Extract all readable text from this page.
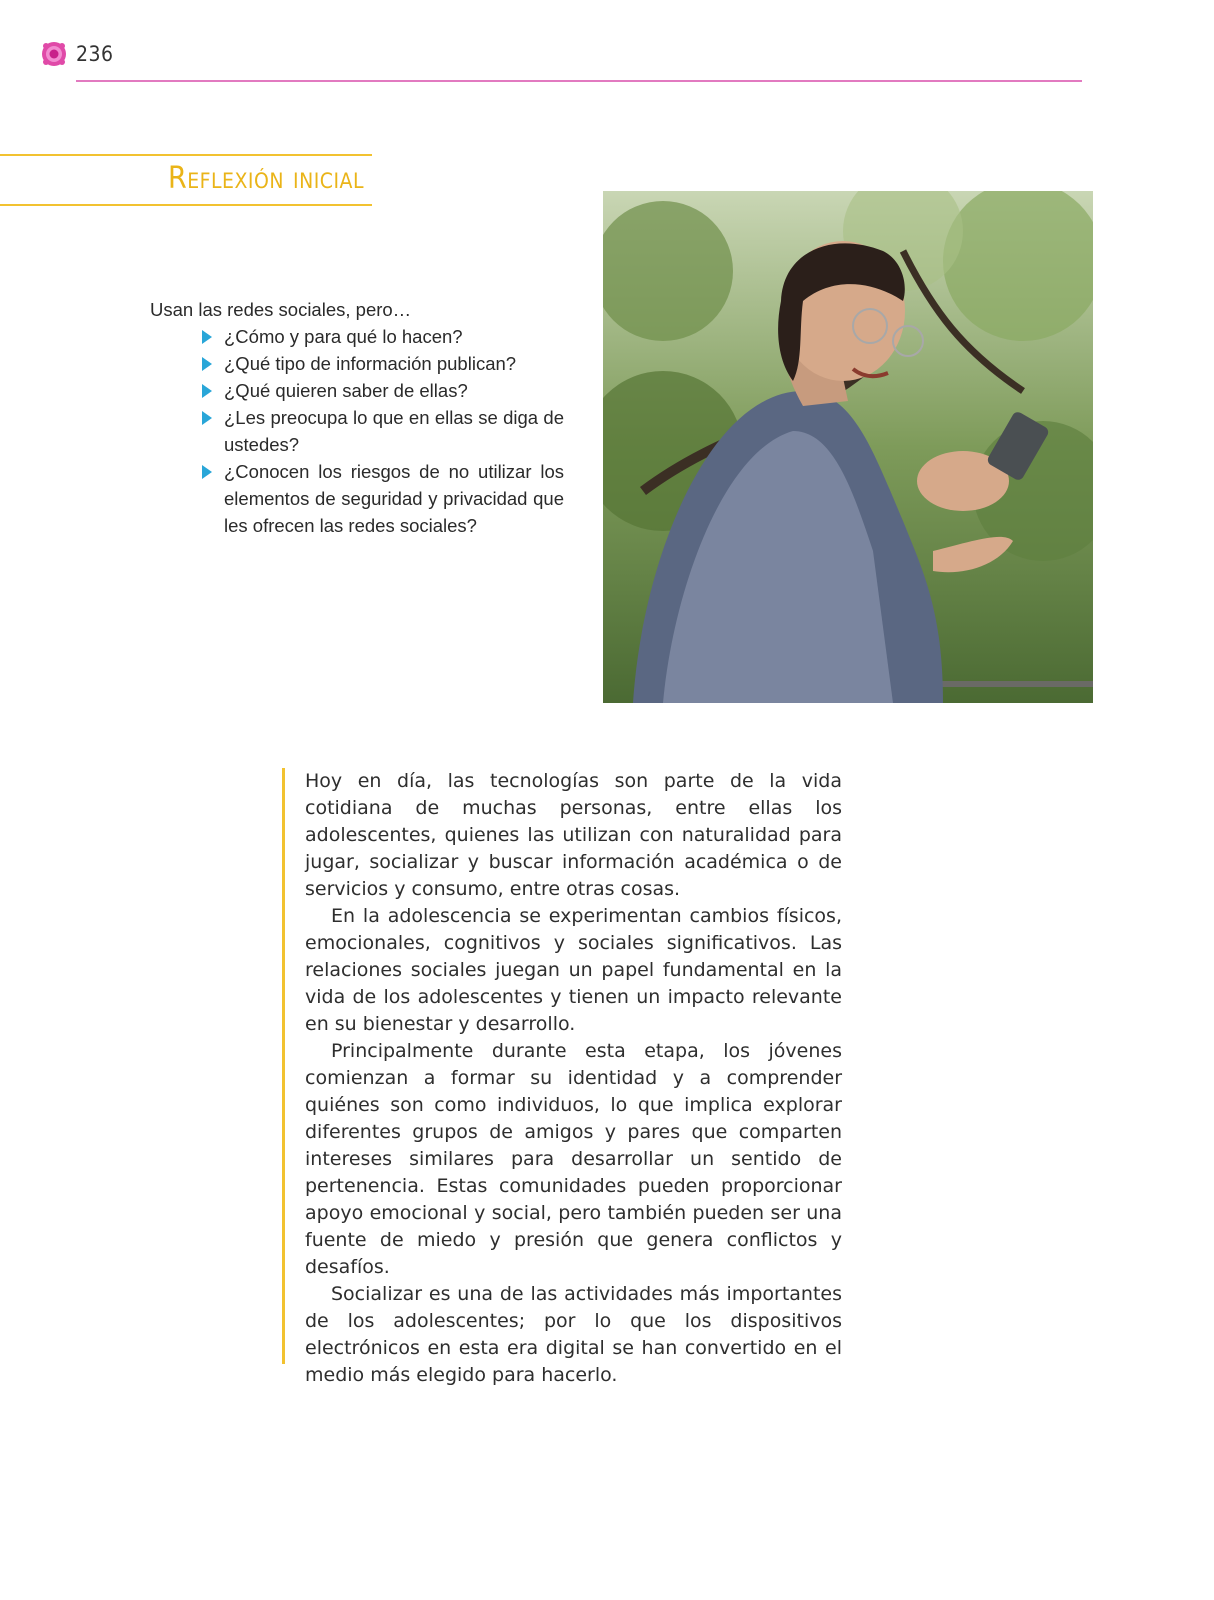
236
Reflexión inicial

Usan las redes sociales, pero…

¿Cómo y para qué lo hacen?
¿Qué tipo de información publican?
¿Qué quieren saber de ellas?
¿Les preocupa lo que en ellas se diga de ustedes?
¿Conocen los riesgos de no utilizar los elementos de seguridad y privacidad que les ofrecen las redes sociales?

Hoy en día, las tecnologías son parte de la vida cotidiana de muchas personas, entre ellas los adolescentes, quienes las utilizan con naturalidad para jugar, socializar y buscar información académica o de servicios y consumo, entre otras cosas.

En la adolescencia se experimentan cambios físicos, emocionales, cognitivos y sociales significativos. Las relaciones sociales juegan un papel fundamental en la vida de los adolescentes y tienen un impacto relevante en su bienestar y desarrollo.

Principalmente durante esta etapa, los jóvenes comienzan a formar su identidad y a comprender quiénes son como individuos, lo que implica explorar diferentes grupos de amigos y pares que comparten intereses similares para desarrollar un sentido de pertenencia. Estas comunidades pueden proporcionar apoyo emocional y social, pero también pueden ser una fuente de miedo y presión que genera conflictos y desafíos.

Socializar es una de las actividades más importantes de los adolescentes; por lo que los dispositivos electrónicos en esta era digital se han convertido en el medio más elegido para hacerlo.
